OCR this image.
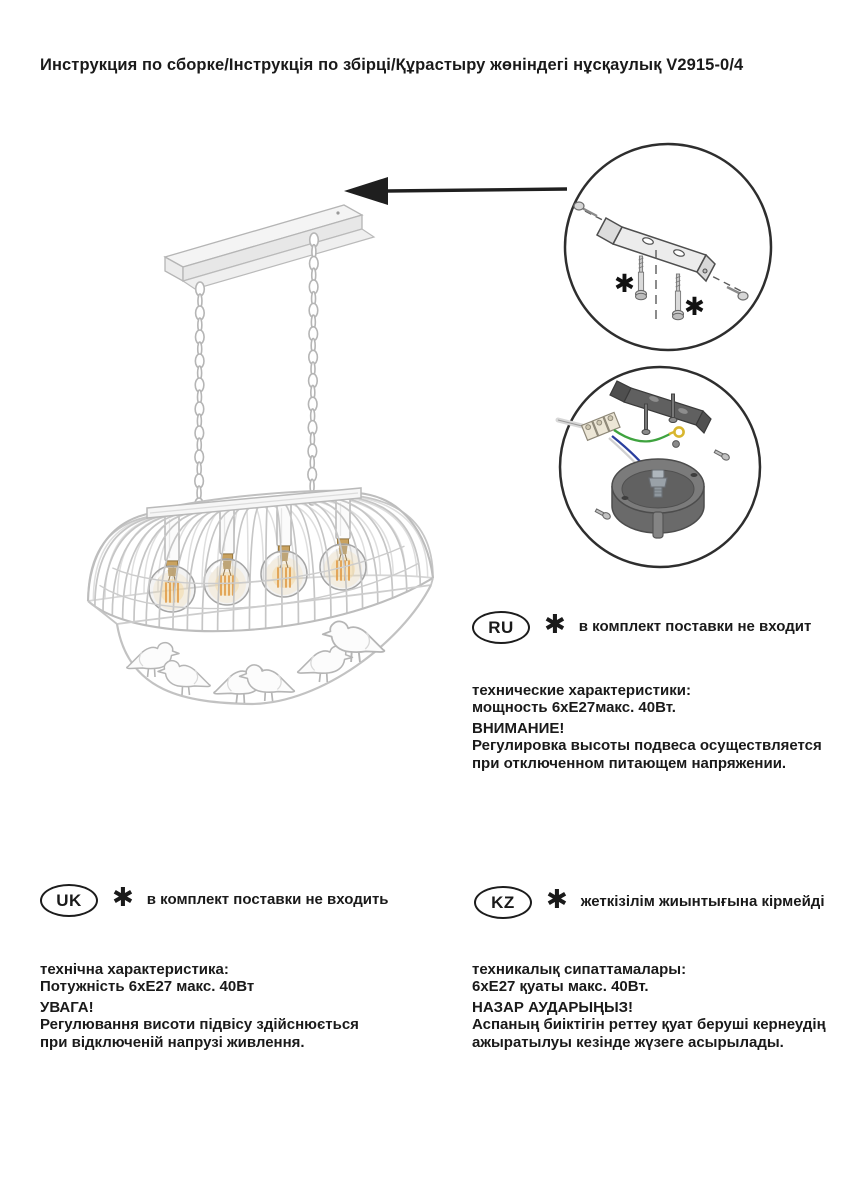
✱
✱
Инструкция по сборке/Інструкція по збірці/Құрастыру жөніндегі нұсқаулық V2915-0/4
RU	✱ в комплект поставки не входит
технические характеристики:
мощность 6хЕ27макс. 40Вт.
ВНИМАНИЕ!
Регулировка высоты подвеса осуществляется
при отключенном питающем напряжении.
UK	✱ в комплект поставки не входить
технічна характеристика:
Потужність 6хЕ27 макс. 40Вт
УВАГА!
Регулювання висоти підвісу здійснюється
при відключеній напрузі живлення.
KZ	✱ жеткізілім жиынтығына кірмейді
техникалық сипаттамалары:
6хЕ27 қуаты макс. 40Вт.
НАЗАР АУДАРЫҢЫЗ!
Аспаның биіктігін реттеу қуат беруші кернеудің
ажыратылуы кезінде жүзеге асырылады.
